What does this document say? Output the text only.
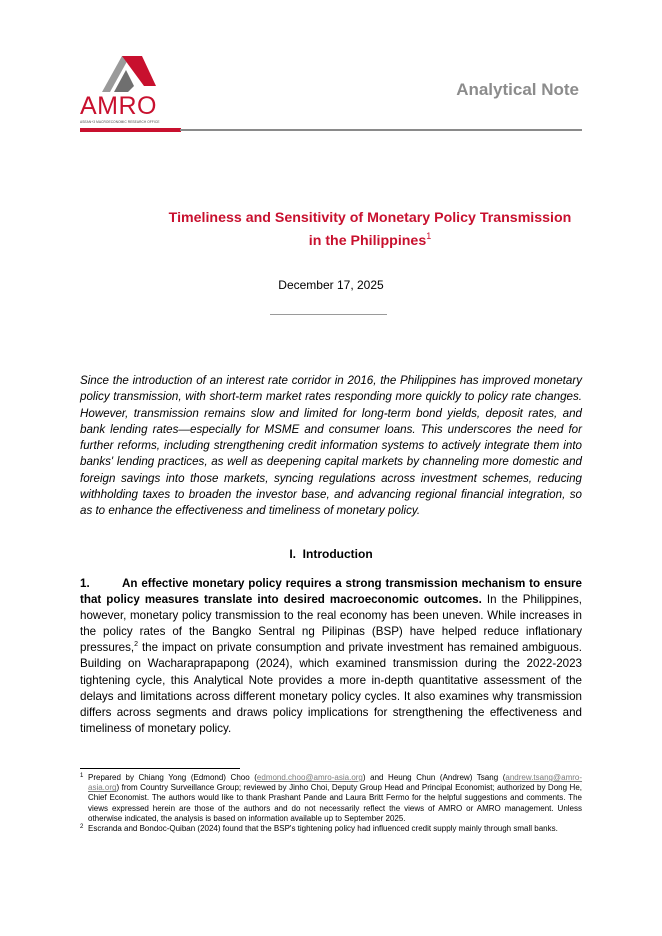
AMRO
ASEAN+3 MACROECONOMIC RESEARCH OFFICE
Analytical Note
Timeliness and Sensitivity of Monetary Policy Transmission
in the Philippines$^1$
December 17, 2025
Since the introduction of an interest rate corridor in 2016, the Philippines has improved monetary policy transmission, with short-term market rates responding more quickly to policy rate changes. However, transmission remains slow and limited for long-term bond yields, deposit rates, and bank lending rates—especially for MSME and consumer loans. This underscores the need for further reforms, including strengthening credit information systems to actively integrate them into banks' lending practices, as well as deepening capital markets by channeling more domestic and foreign savings into those markets, syncing regulations across investment schemes, reducing withholding taxes to broaden the investor base, and advancing regional financial integration, so as to enhance the effectiveness and timeliness of monetary policy.
I. Introduction
1.	An effective monetary policy requires a strong transmission mechanism to ensure that policy measures translate into desired macroeconomic outcomes. In the Philippines, however, monetary policy transmission to the real economy has been uneven. While increases in the policy rates of the Bangko Sentral ng Pilipinas (BSP) have helped reduce inflationary pressures,$^2$ the impact on private consumption and private investment has remained ambiguous. Building on Wacharaprapapong (2024), which examined transmission during the 2022-2023 tightening cycle, this Analytical Note provides a more in-depth quantitative assessment of the delays and limitations across different monetary policy cycles. It also examines why transmission differs across segments and draws policy implications for strengthening the effectiveness and timeliness of monetary policy.
1 Prepared by Chiang Yong (Edmond) Choo (edmond.choo@amro-asia.org) and Heung Chun (Andrew) Tsang (andrew.tsang@amro-asia.org) from Country Surveillance Group; reviewed by Jinho Choi, Deputy Group Head and Principal Economist; authorized by Dong He, Chief Economist. The authors would like to thank Prashant Pande and Laura Britt Fermo for the helpful suggestions and comments. The views expressed herein are those of the authors and do not necessarily reflect the views of AMRO or AMRO management. Unless otherwise indicated, the analysis is based on information available up to September 2025.
2 Escranda and Bondoc-Quiban (2024) found that the BSP's tightening policy had influenced credit supply mainly through small banks.
